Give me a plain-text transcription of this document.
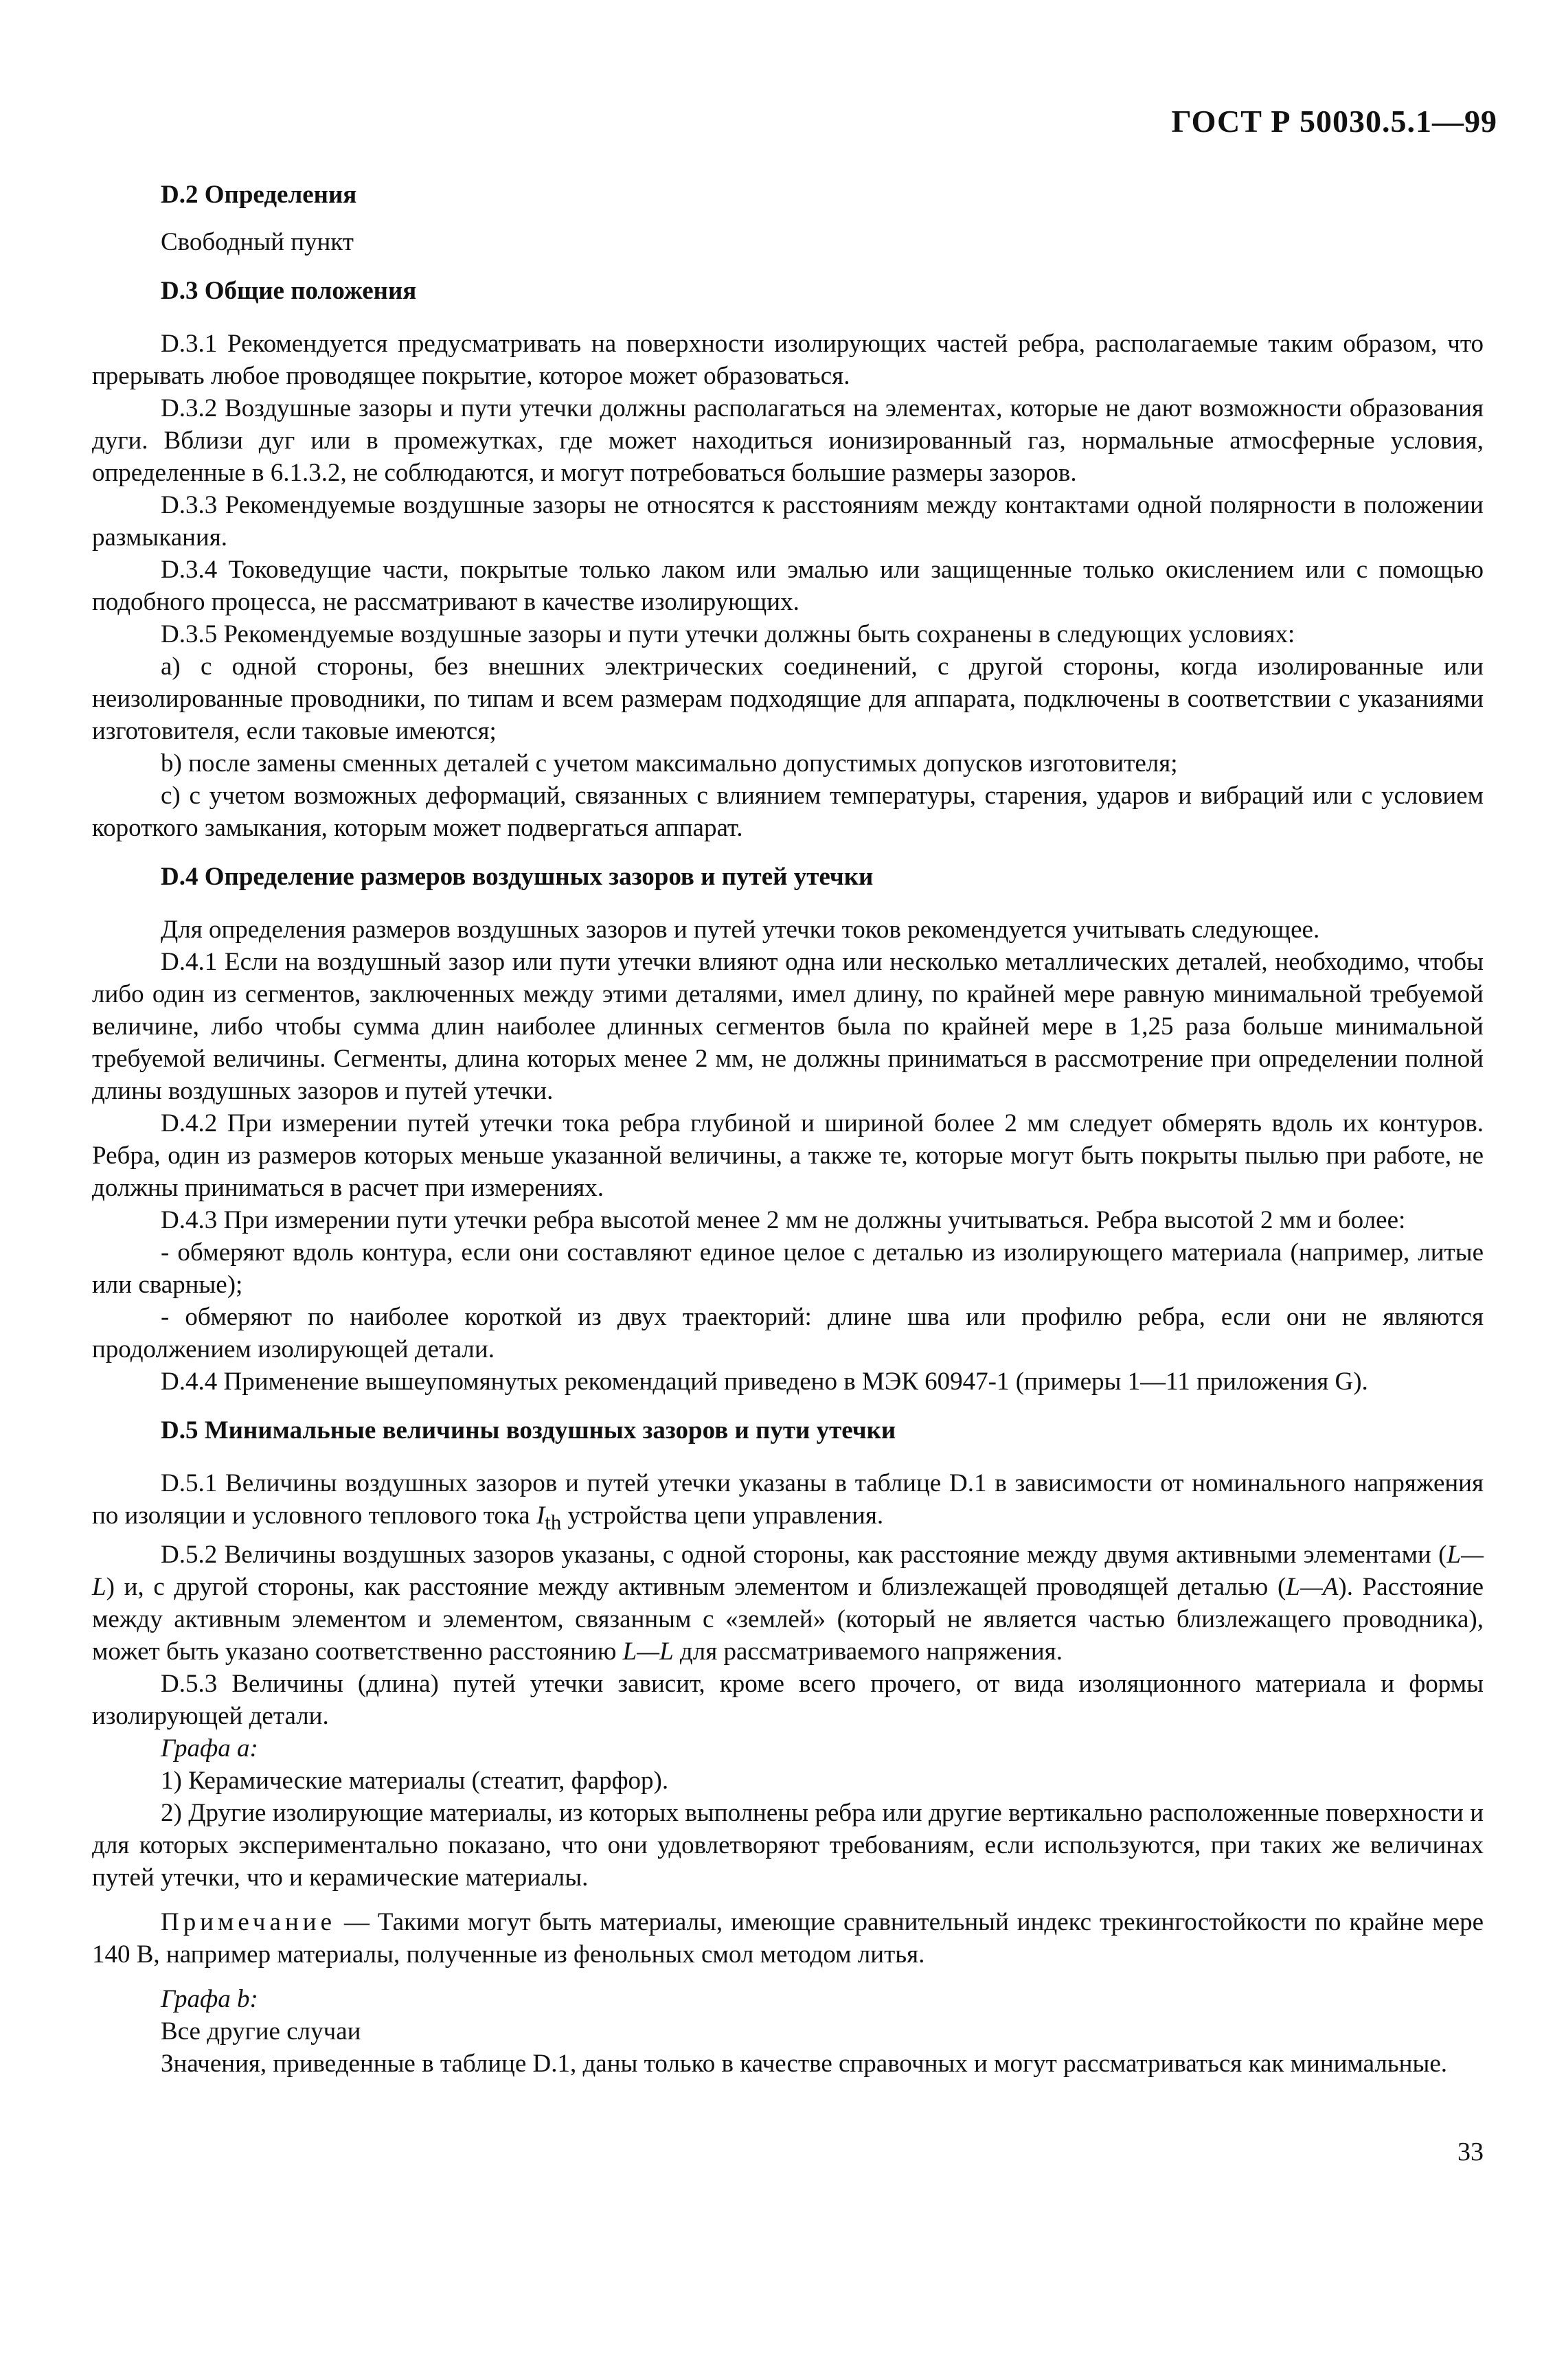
ГОСТ Р 50030.5.1—99
D.2 Определения

Свободный пункт

D.3 Общие положения

D.3.1 Рекомендуется предусматривать на поверхности изолирующих частей ребра, располагаемые таким образом, что прерывать любое проводящее покрытие, которое может образоваться.

D.3.2 Воздушные зазоры и пути утечки должны располагаться на элементах, которые не дают возможности образования дуги. Вблизи дуг или в промежутках, где может находиться ионизированный газ, нормальные атмосферные условия, определенные в 6.1.3.2, не соблюдаются, и могут потребоваться большие размеры зазоров.

D.3.3 Рекомендуемые воздушные зазоры не относятся к расстояниям между контактами одной полярности в положении размыкания.

D.3.4 Токоведущие части, покрытые только лаком или эмалью или защищенные только окислением или с помощью подобного процесса, не рассматривают в качестве изолирующих.

D.3.5 Рекомендуемые воздушные зазоры и пути утечки должны быть сохранены в следующих условиях:

а) с одной стороны, без внешних электрических соединений, с другой стороны, когда изолированные или неизолированные проводники, по типам и всем размерам подходящие для аппарата, подключены в соответствии с указаниями изготовителя, если таковые имеются;

b) после замены сменных деталей с учетом максимально допустимых допусков изготовителя;

с) с учетом возможных деформаций, связанных с влиянием температуры, старения, ударов и вибраций или с условием короткого замыкания, которым может подвергаться аппарат.

D.4 Определение размеров воздушных зазоров и путей утечки

Для определения размеров воздушных зазоров и путей утечки токов рекомендуется учитывать следующее.

D.4.1 Если на воздушный зазор или пути утечки влияют одна или несколько металлических деталей, необходимо, чтобы либо один из сегментов, заключенных между этими деталями, имел длину, по крайней мере равную минимальной требуемой величине, либо чтобы сумма длин наиболее длинных сегментов была по крайней мере в 1,25 раза больше минимальной требуемой величины. Сегменты, длина которых менее 2 мм, не должны приниматься в рассмотрение при определении полной длины воздушных зазоров и путей утечки.

D.4.2 При измерении путей утечки тока ребра глубиной и шириной более 2 мм следует обмерять вдоль их контуров. Ребра, один из размеров которых меньше указанной величины, а также те, которые могут быть покрыты пылью при работе, не должны приниматься в расчет при измерениях.

D.4.3 При измерении пути утечки ребра высотой менее 2 мм не должны учитываться. Ребра высотой 2 мм и более:

- обмеряют вдоль контура, если они составляют единое целое с деталью из изолирующего материала (например, литые или сварные);

- обмеряют по наиболее короткой из двух траекторий: длине шва или профилю ребра, если они не являются продолжением изолирующей детали.

D.4.4 Применение вышеупомянутых рекомендаций приведено в МЭК 60947-1 (примеры 1—11 приложения G).

D.5 Минимальные величины воздушных зазоров и пути утечки

D.5.1 Величины воздушных зазоров и путей утечки указаны в таблице D.1 в зависимости от номинального напряжения по изоляции и условного теплового тока $I_{th}$ устройства цепи управления.

D.5.2 Величины воздушных зазоров указаны, с одной стороны, как расстояние между двумя активными элементами (L—L) и, с другой стороны, как расстояние между активным элементом и близлежащей проводящей деталью (L—A). Расстояние между активным элементом и элементом, связанным с «землей» (который не является частью близлежащего проводника), может быть указано соответственно расстоянию L—L для рассматриваемого напряжения.

D.5.3 Величины (длина) путей утечки зависит, кроме всего прочего, от вида изоляционного материала и формы изолирующей детали.

Графа а:

1) Керамические материалы (стеатит, фарфор).

2) Другие изолирующие материалы, из которых выполнены ребра или другие вертикально расположенные поверхности и для которых экспериментально показано, что они удовлетворяют требованиям, если используются, при таких же величинах путей утечки, что и керамические материалы.

Примечание — Такими могут быть материалы, имеющие сравнительный индекс трекингостойкости по крайне мере 140 В, например материалы, полученные из фенольных смол методом литья.

Графа b:

Все другие случаи

Значения, приведенные в таблице D.1, даны только в качестве справочных и могут рассматриваться как минимальные.

33
